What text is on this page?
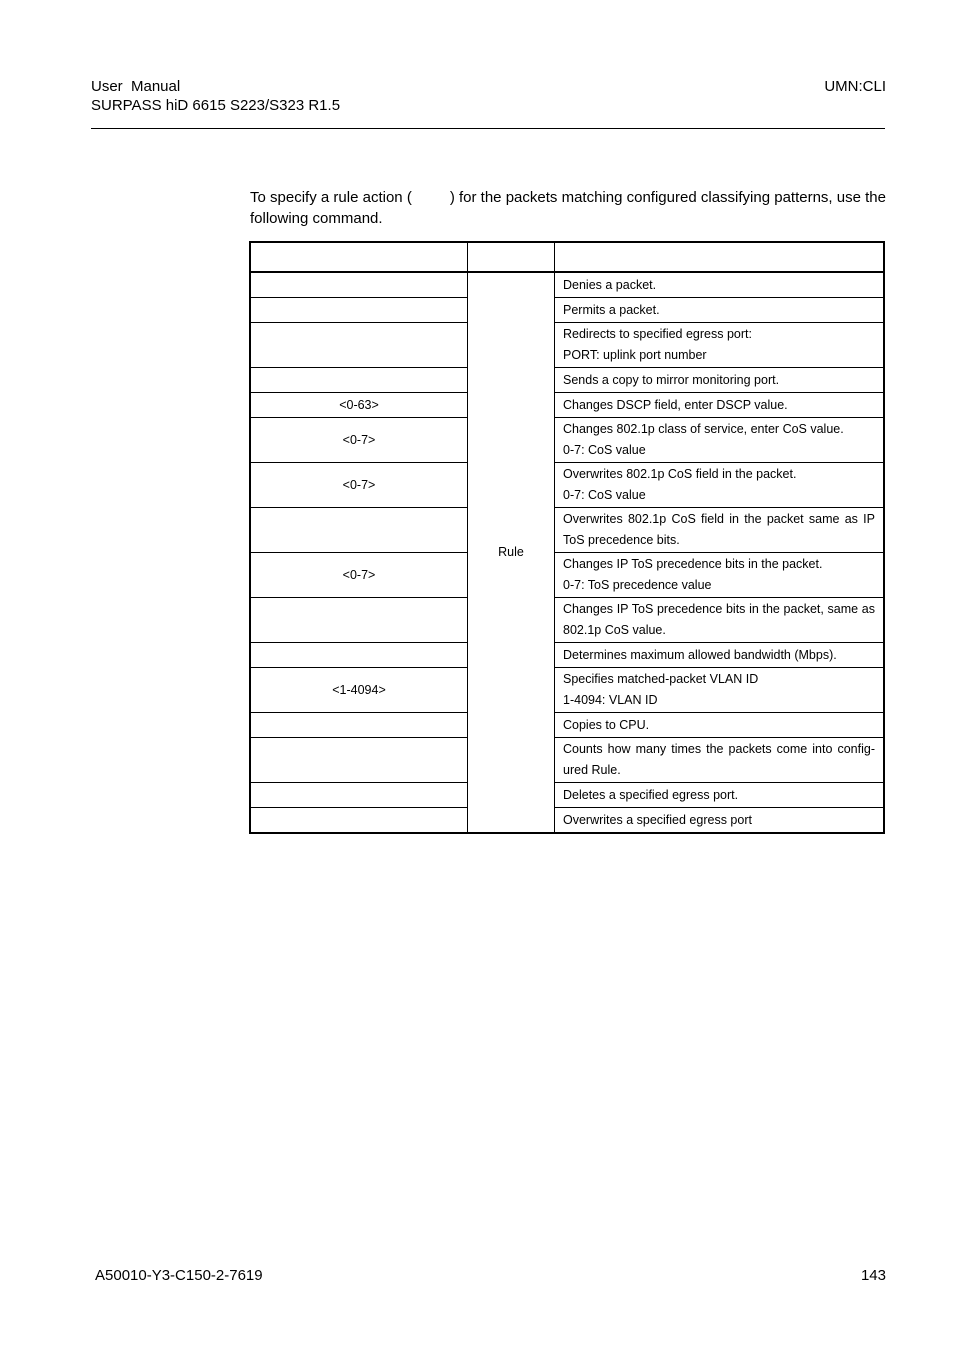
User  Manual
SURPASS hiD 6615 S223/S323 R1.5
UMN:CLI
To specify a rule action (	) for the packets matching configured classifying patterns, use the following command.

	Rule	Denies a packet.

		Permits a packet.

		Redirects to specified egress port:
PORT: uplink port number

		Sends a copy to mirror monitoring port.

<0-63>		Changes DSCP field, enter DSCP value.

<0-7>		Changes 802.1p class of service, enter CoS value.
0-7: CoS value

<0-7>		Overwrites 802.1p CoS field in the packet.
0-7: CoS value

		Overwrites 802.1p CoS field in the packet same as IP ToS precedence bits.

<0-7>		Changes IP ToS precedence bits in the packet.
0-7: ToS precedence value

		Changes IP ToS precedence bits in the packet, same as 802.1p CoS value.

		Determines maximum allowed bandwidth (Mbps).

<1-4094>		Specifies matched-packet VLAN ID
1-4094: VLAN ID

		Copies to CPU.

		Counts how many times the packets come into config-ured Rule.

		Deletes a specified egress port.

		Overwrites a specified egress port
A50010-Y3-C150-2-7619	143
